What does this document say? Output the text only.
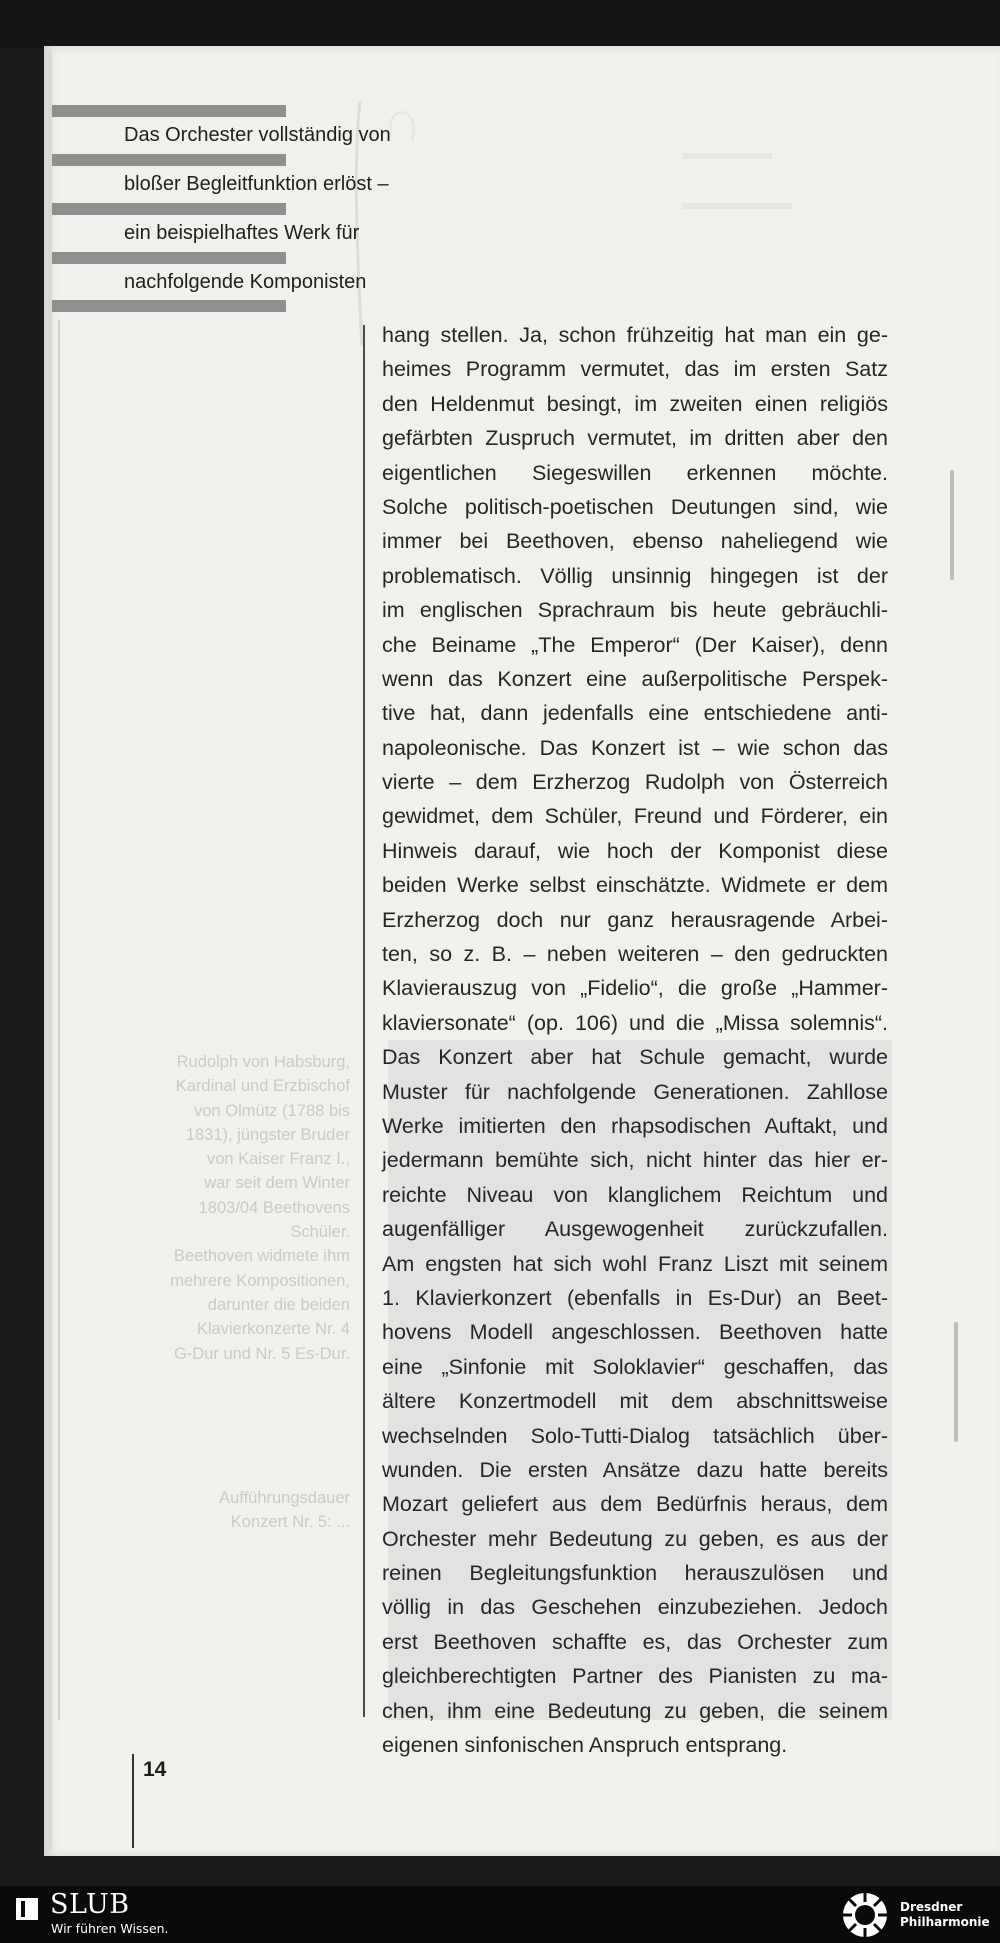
Das Orchester vollständig von
bloßer Begleitfunktion erlöst –
ein beispielhaftes Werk für
nachfolgende Komponisten
Rudolph von Habsburg,
Kardinal und Erzbischof
von Olmütz (1788 bis
1831), jüngster Bruder
von Kaiser Franz I.,
war seit dem Winter
1803/04 Beethovens
Schüler.
Beethoven widmete ihm
mehrere Kompositionen,
darunter die beiden
Klavierkonzerte Nr. 4
G-Dur und Nr. 5 Es-Dur.
Aufführungsdauer
Konzert Nr. 5: ...
hang stellen. Ja, schon frühzeitig hat man ein ge-
heimes Programm vermutet, das im ersten Satz
den Heldenmut besingt, im zweiten einen religiös
gefärbten Zuspruch vermutet, im dritten aber den
eigentlichen Siegeswillen erkennen möchte.
Solche politisch-poetischen Deutungen sind, wie
immer bei Beethoven, ebenso naheliegend wie
problematisch. Völlig unsinnig hingegen ist der
im englischen Sprachraum bis heute gebräuchli-
che Beiname „The Emperor“ (Der Kaiser), denn
wenn das Konzert eine außerpolitische Perspek-
tive hat, dann jedenfalls eine entschiedene anti-
napoleonische. Das Konzert ist – wie schon das
vierte – dem Erzherzog Rudolph von Österreich
gewidmet, dem Schüler, Freund und Förderer, ein
Hinweis darauf, wie hoch der Komponist diese
beiden Werke selbst einschätzte. Widmete er dem
Erzherzog doch nur ganz herausragende Arbei-
ten, so z. B. – neben weiteren – den gedruckten
Klavierauszug von „Fidelio“, die große „Hammer-
klaviersonate“ (op. 106) und die „Missa solemnis“.
Das Konzert aber hat Schule gemacht, wurde
Muster für nachfolgende Generationen. Zahllose
Werke imitierten den rhapsodischen Auftakt, und
jedermann bemühte sich, nicht hinter das hier er-
reichte Niveau von klanglichem Reichtum und
augenfälliger Ausgewogenheit zurückzufallen.
Am engsten hat sich wohl Franz Liszt mit seinem
1. Klavierkonzert (ebenfalls in Es-Dur) an Beet-
hovens Modell angeschlossen. Beethoven hatte
eine „Sinfonie mit Soloklavier“ geschaffen, das
ältere Konzertmodell mit dem abschnittsweise
wechselnden Solo-Tutti-Dialog tatsächlich über-
wunden. Die ersten Ansätze dazu hatte bereits
Mozart geliefert aus dem Bedürfnis heraus, dem
Orchester mehr Bedeutung zu geben, es aus der
reinen Begleitungsfunktion herauszulösen und
völlig in das Geschehen einzubeziehen. Jedoch
erst Beethoven schaffte es, das Orchester zum
gleichberechtigten Partner des Pianisten zu ma-
chen, ihm eine Bedeutung zu geben, die seinem
eigenen sinfonischen Anspruch entsprang.
14
SLUB
Wir führen Wissen.
Dresdner
Philharmonie
